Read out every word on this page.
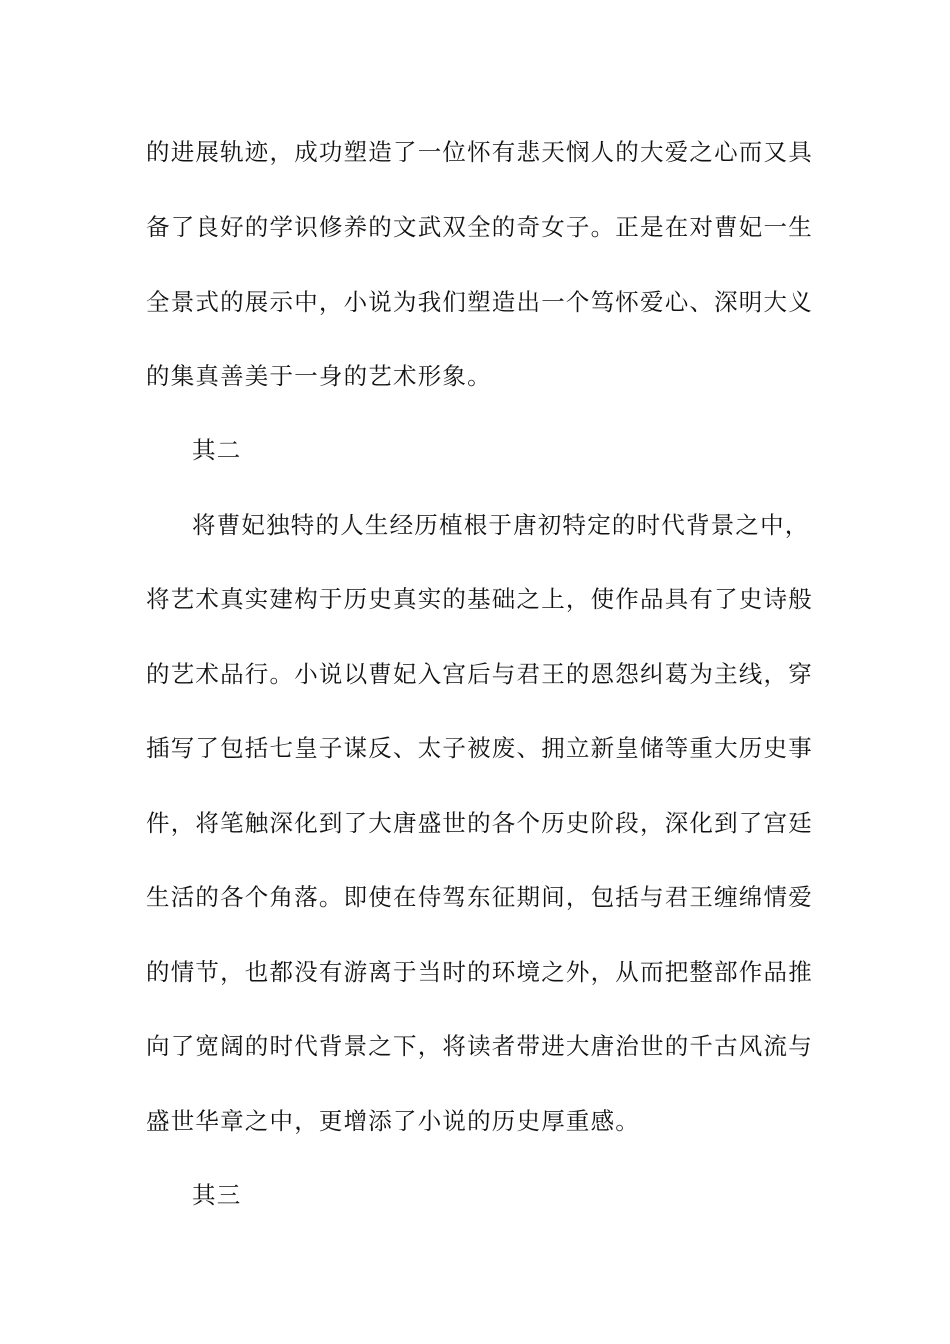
的进展轨迹，成功塑造了一位怀有悲天悯人的大爱之心而又具
备了良好的学识修养的文武双全的奇女子。正是在对曹妃一生
全景式的展示中，小说为我们塑造出一个笃怀爱心、深明大义
的集真善美于一身的艺术形象。
其二
将曹妃独特的人生经历植根于唐初特定的时代背景之中，
将艺术真实建构于历史真实的基础之上，使作品具有了史诗般
的艺术品行。小说以曹妃入宫后与君王的恩怨纠葛为主线，穿
插写了包括七皇子谋反、太子被废、拥立新皇储等重大历史事
件，将笔触深化到了大唐盛世的各个历史阶段，深化到了宫廷
生活的各个角落。即使在侍驾东征期间，包括与君王缠绵情爱
的情节，也都没有游离于当时的环境之外，从而把整部作品推
向了宽阔的时代背景之下，将读者带进大唐治世的千古风流与
盛世华章之中，更增添了小说的历史厚重感。
其三
